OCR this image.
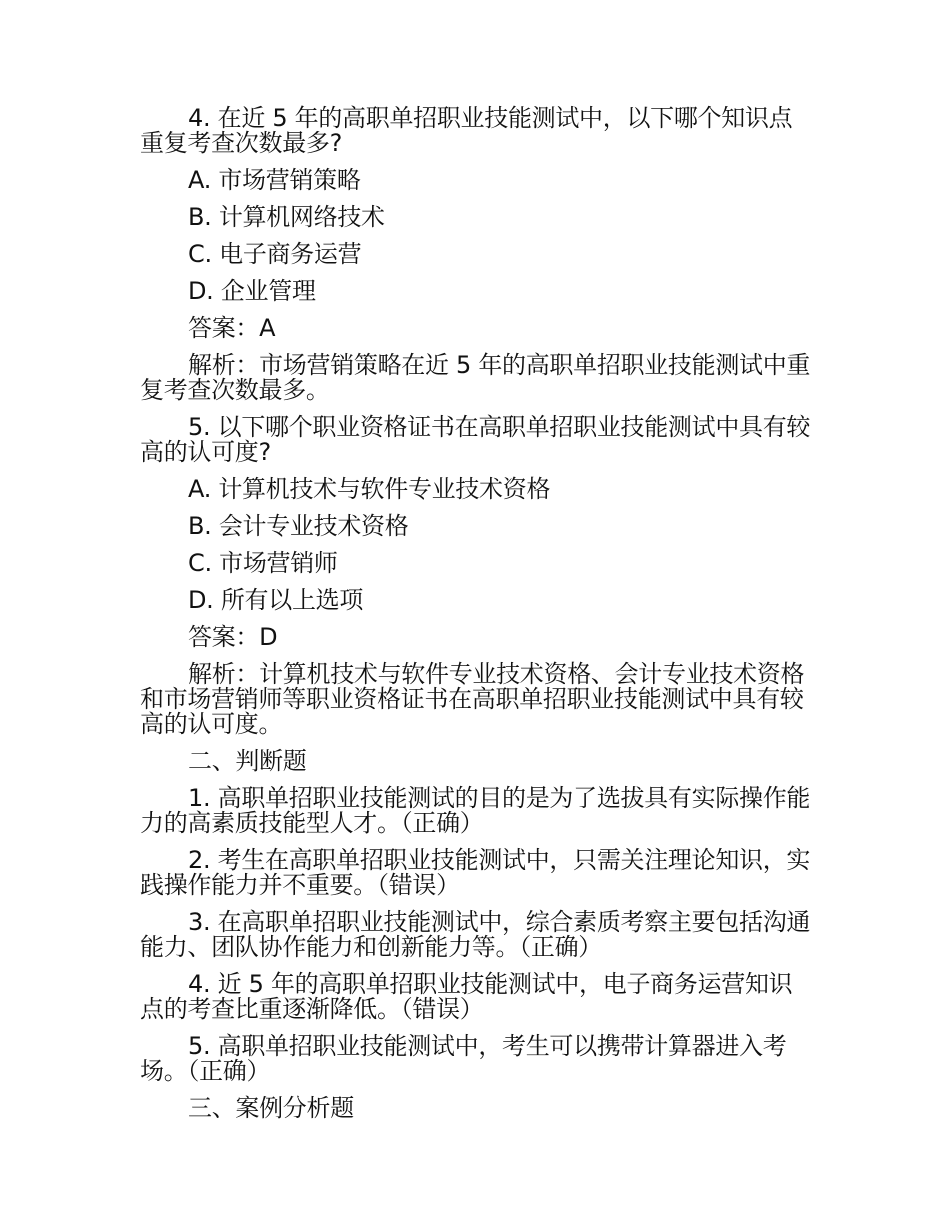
4. 在近 5 年的高职单招职业技能测试中，以下哪个知识点重复考查次数最多?

A. 市场营销策略
B. 计算机网络技术
C. 电子商务运营
D. 企业管理
答案：A

解析：市场营销策略在近 5 年的高职单招职业技能测试中重复考查次数最多。

5. 以下哪个职业资格证书在高职单招职业技能测试中具有较高的认可度?

A. 计算机技术与软件专业技术资格
B. 会计专业技术资格
C. 市场营销师
D. 所有以上选项
答案：D

解析：计算机技术与软件专业技术资格、会计专业技术资格和市场营销师等职业资格证书在高职单招职业技能测试中具有较高的认可度。

二、判断题

1. 高职单招职业技能测试的目的是为了选拔具有实际操作能力的高素质技能型人才。（正确）

2. 考生在高职单招职业技能测试中，只需关注理论知识，实践操作能力并不重要。（错误）

3. 在高职单招职业技能测试中，综合素质考察主要包括沟通能力、团队协作能力和创新能力等。（正确）

4. 近 5 年的高职单招职业技能测试中，电子商务运营知识点的考查比重逐渐降低。（错误）

5. 高职单招职业技能测试中，考生可以携带计算器进入考场。（正确）

三、案例分析题
